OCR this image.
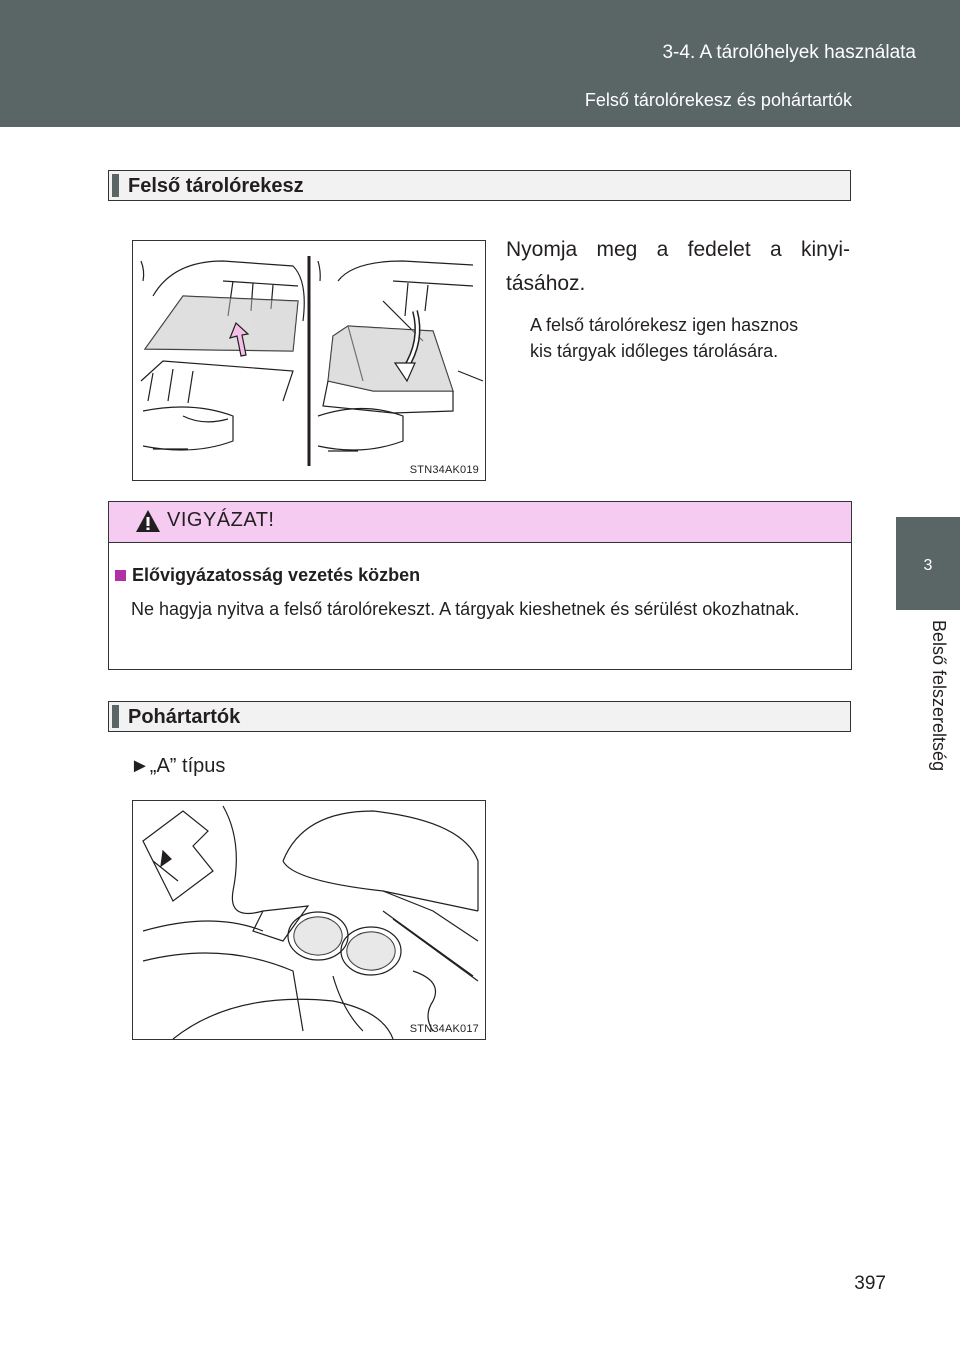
3-4. A tárolóhelyek használata
Felső tárolórekesz és pohártartók
3
Belső felszereltség
Felső tárolórekesz
STN34AK019
Nyomja meg a fedelet a kinyi-
tásához.
A felső tárolórekesz igen hasznos
kis tárgyak időleges tárolására.
VIGYÁZAT!
Elővigyázatosság vezetés közben
Ne hagyja nyitva a felső tárolórekeszt. A tárgyak kieshetnek és sérülést okozhatnak.
Pohártartók
►„A” típus
STN34AK017
397
